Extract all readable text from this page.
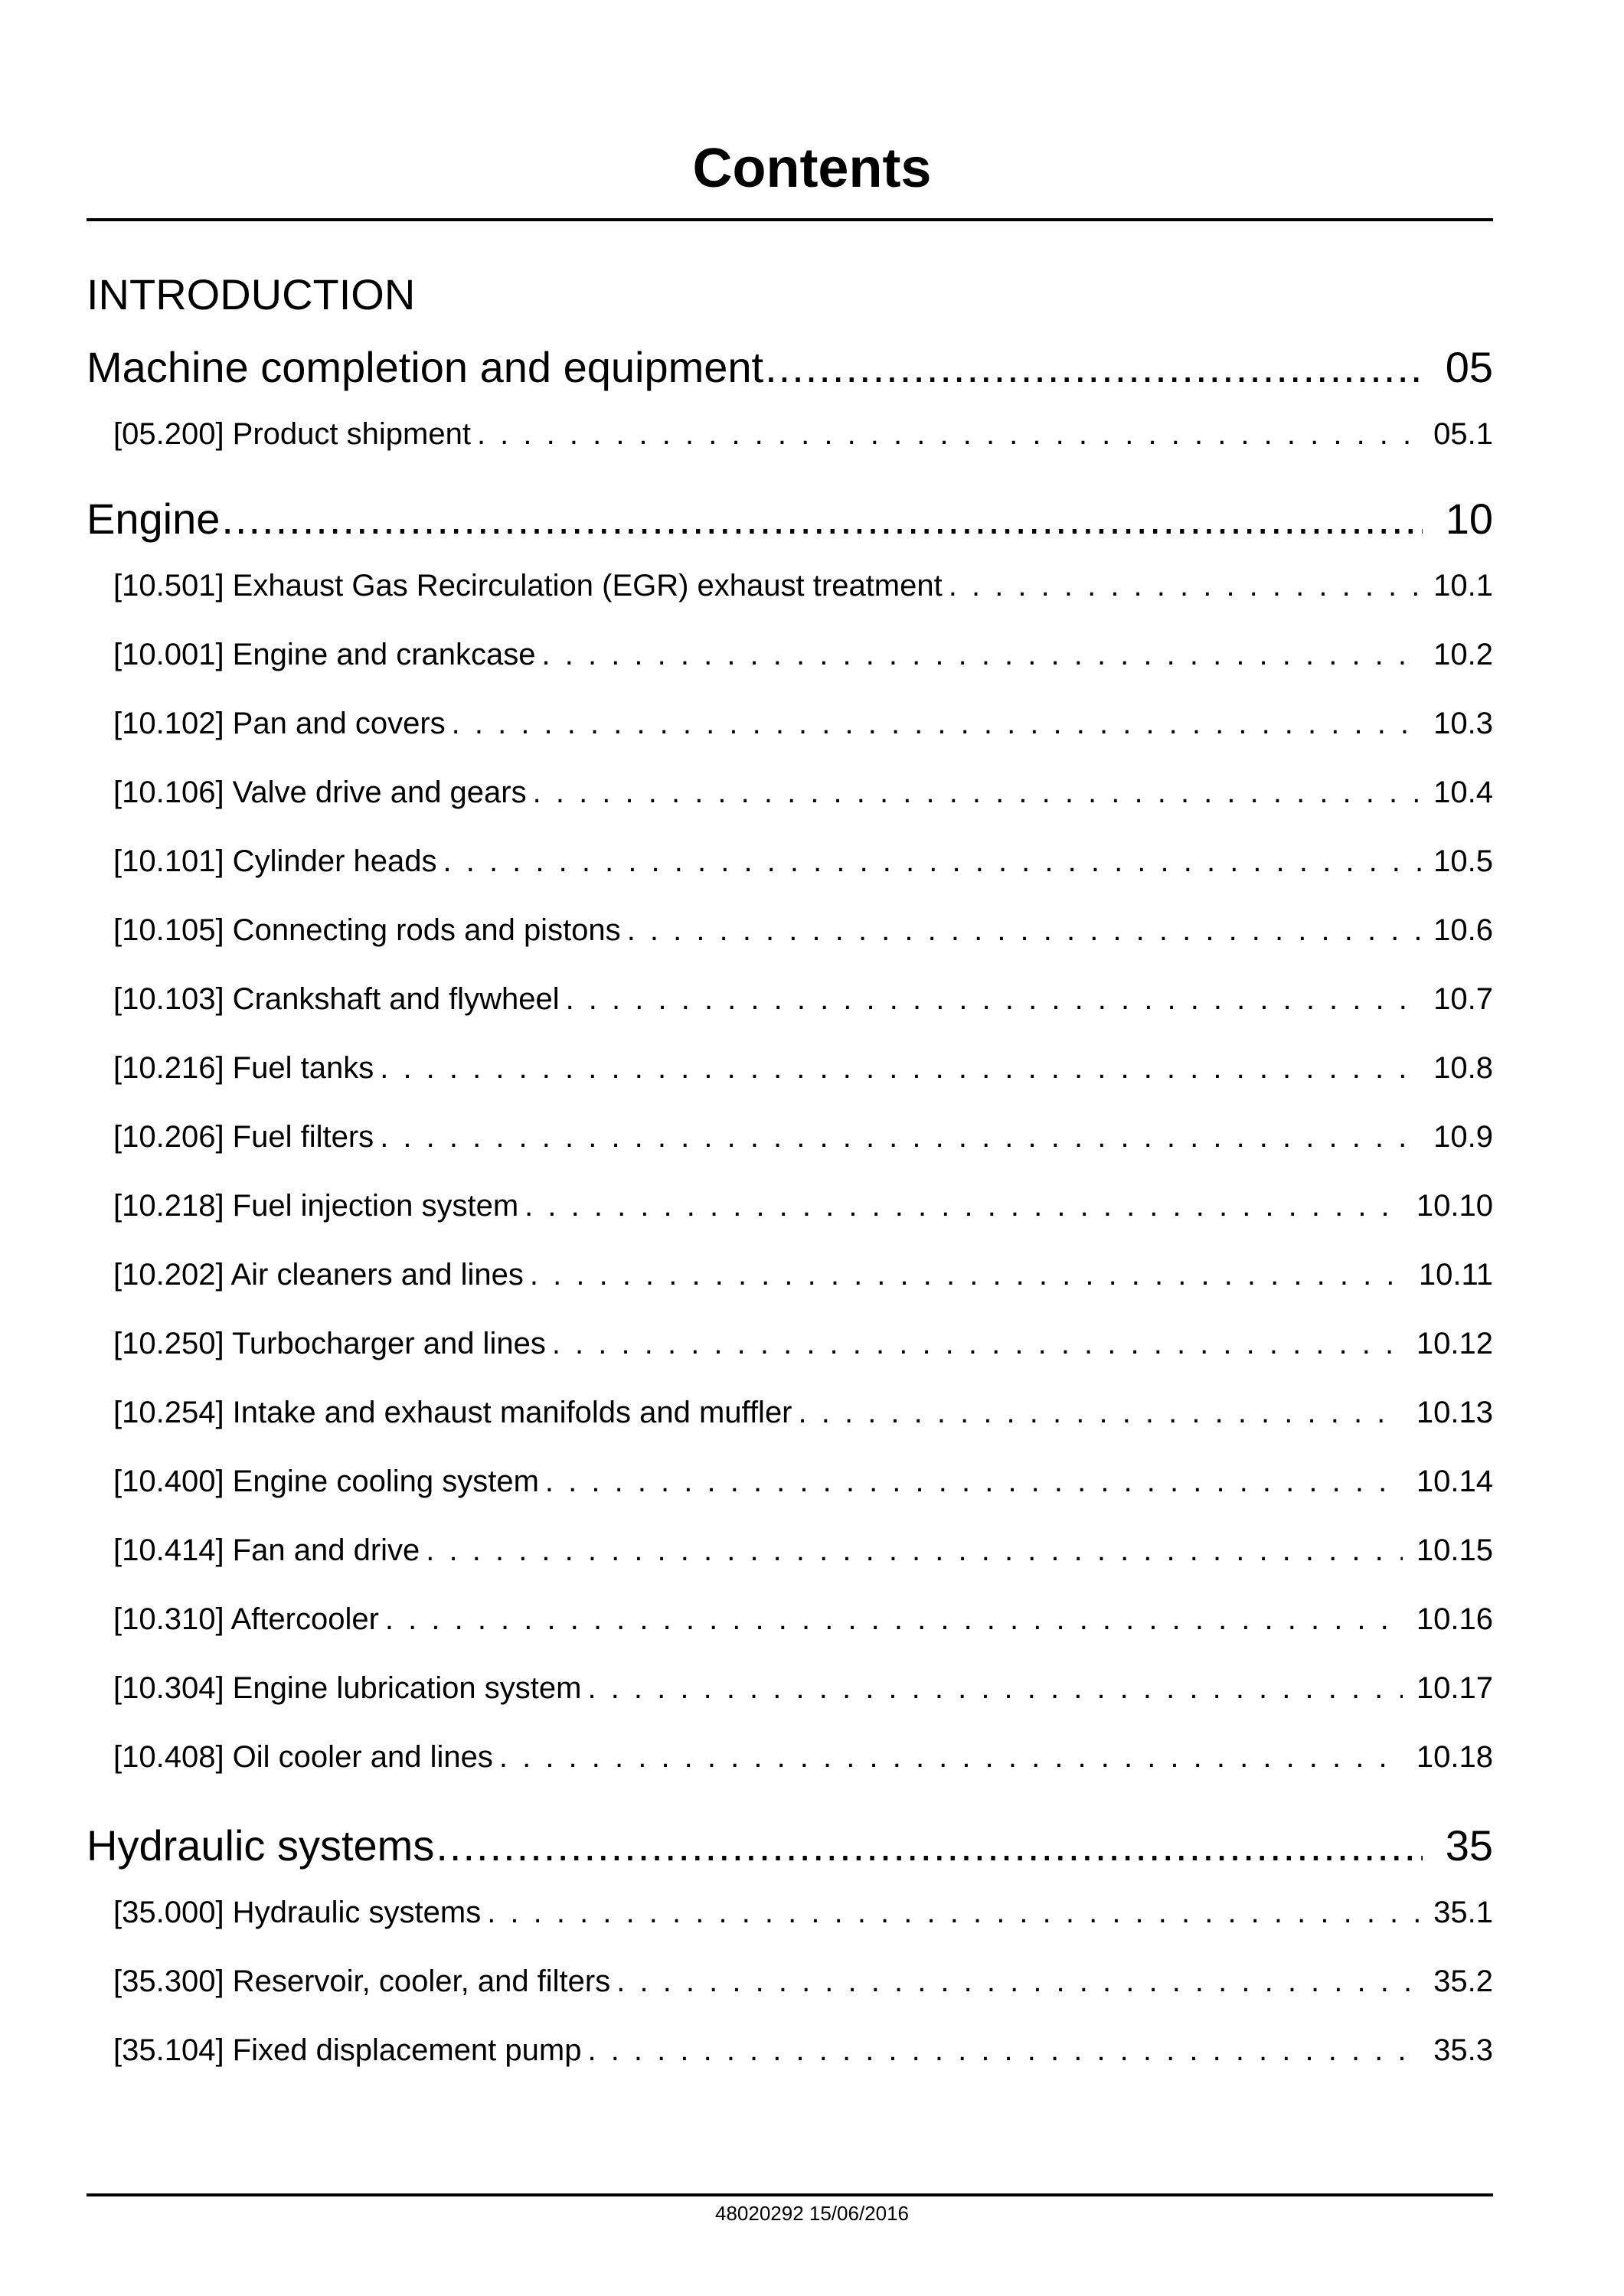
Contents
INTRODUCTION
Machine completion and equipment .....	05
[05.200] Product shipment . . .	05.1
Engine .....	10
[10.501] Exhaust Gas Recirculation (EGR) exhaust treatment . . .	10.1
[10.001] Engine and crankcase . . .	10.2
[10.102] Pan and covers . . .	10.3
[10.106] Valve drive and gears . . .	10.4
[10.101] Cylinder heads . . .	10.5
[10.105] Connecting rods and pistons . . .	10.6
[10.103] Crankshaft and flywheel . . .	10.7
[10.216] Fuel tanks . . .	10.8
[10.206] Fuel filters . . .	10.9
[10.218] Fuel injection system . . .	10.10
[10.202] Air cleaners and lines . . .	10.11
[10.250] Turbocharger and lines . . .	10.12
[10.254] Intake and exhaust manifolds and muffler . . .	10.13
[10.400] Engine cooling system . . .	10.14
[10.414] Fan and drive . . .	10.15
[10.310] Aftercooler . . .	10.16
[10.304] Engine lubrication system . . .	10.17
[10.408] Oil cooler and lines . . .	10.18
Hydraulic systems .....	35
[35.000] Hydraulic systems . . .	35.1
[35.300] Reservoir, cooler, and filters . . .	35.2
[35.104] Fixed displacement pump . . .	35.3
48020292 15/06/2016
